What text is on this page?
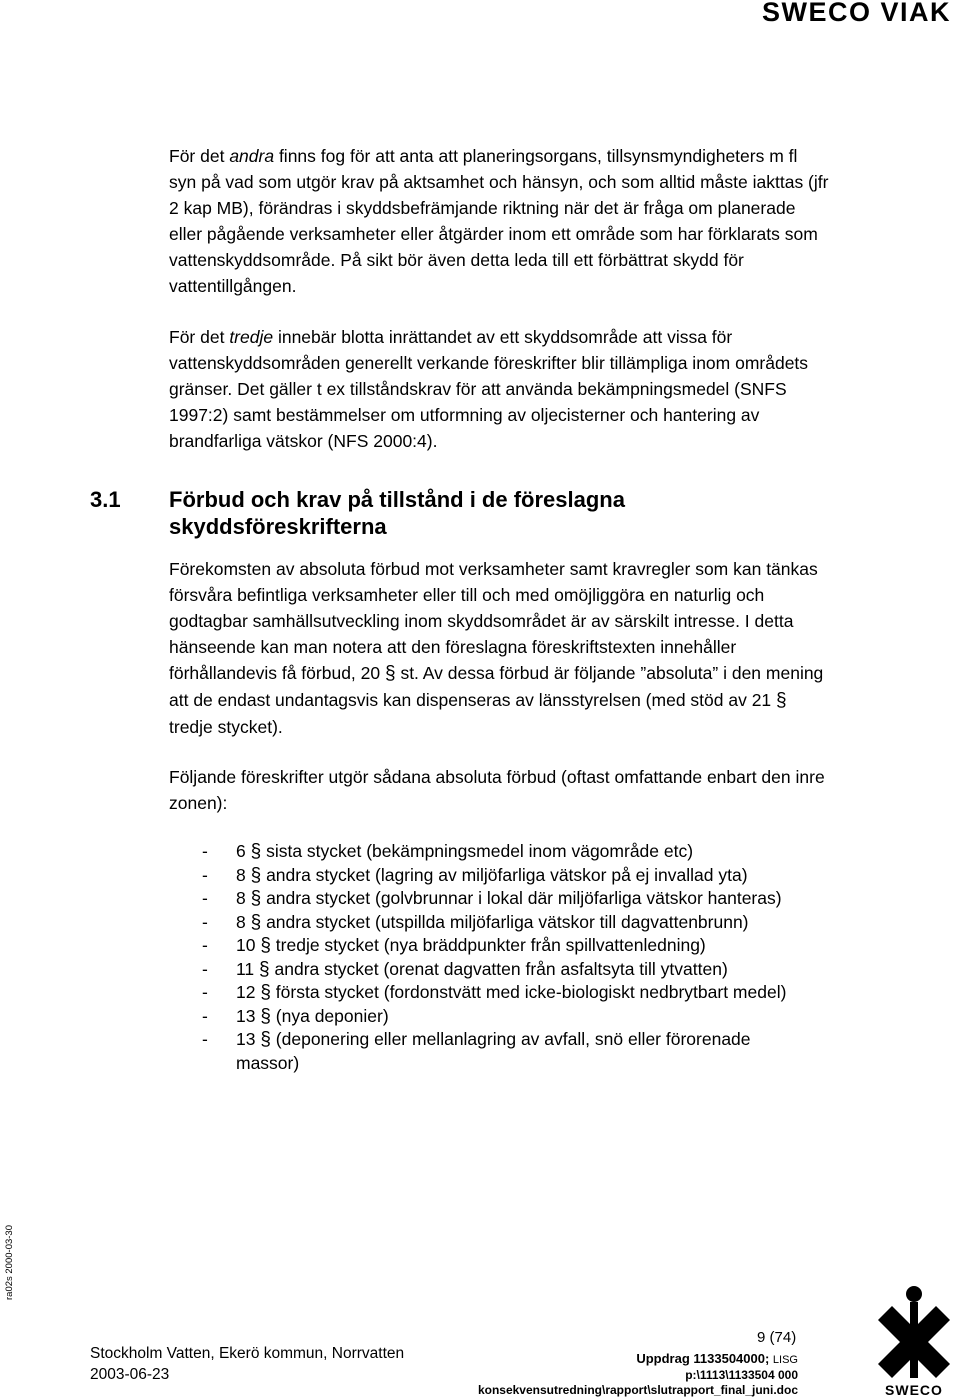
SWECO VIAK

För det andra finns fog för att anta att planeringsorgans, tillsynsmyndigheters m fl syn på vad som utgör krav på aktsamhet och hänsyn, och som alltid måste iakttas (jfr 2 kap MB), förändras i skyddsbefrämjande riktning när det är fråga om planerade eller pågående verksamheter eller åtgärder inom ett område som har förklarats som vattenskyddsområde. På sikt bör även detta leda till ett förbättrat skydd för vattentillgången.

För det tredje innebär blotta inrättandet av ett skyddsområde att vissa för vattenskyddsområden generellt verkande föreskrifter blir tillämpliga inom områdets gränser. Det gäller t ex tillståndskrav för att använda bekämpningsmedel (SNFS 1997:2) samt bestämmelser om utformning av oljecisterner och hantering av brandfarliga vätskor (NFS 2000:4).

3.1	Förbud och krav på tillstånd i de föreslagna skyddsföreskrifterna

Förekomsten av absoluta förbud mot verksamheter samt kravregler som kan tänkas försvåra befintliga verksamheter eller till och med omöjliggöra en naturlig och godtagbar samhällsutveckling inom skyddsområdet är av särskilt intresse. I detta hänseende kan man notera att den föreslagna föreskriftstexten innehåller förhållandevis få förbud, 20 § st. Av dessa förbud är följande ”absoluta” i den mening att de endast undantagsvis kan dispenseras av länsstyrelsen (med stöd av 21 § tredje stycket).

Följande föreskrifter utgör sådana absoluta förbud (oftast omfattande enbart den inre zonen):

-	6 § sista stycket (bekämpningsmedel inom vägområde etc)
-	8 § andra stycket (lagring av miljöfarliga vätskor på ej invallad yta)
-	8 § andra stycket (golvbrunnar i lokal där miljöfarliga vätskor hanteras)
-	8 § andra stycket (utspillda miljöfarliga vätskor till dagvattenbrunn)
-	10 § tredje stycket (nya bräddpunkter från spillvattenledning)
-	11 § andra stycket (orenat dagvatten från asfaltsyta till ytvatten)
-	12 § första stycket (fordonstvätt med icke-biologiskt nedbrytbart medel)
-	13 § (nya deponier)
-	13 § (deponering eller mellanlagring av avfall, snö eller förorenade massor)
ra02s 2000-03-30
Stockholm Vatten, Ekerö kommun, Norrvatten
2003-06-23
9 (74)
Uppdrag 1133504000; LISG
p:\1113\1133504 000
konsekvensutredning\rapport\slutrapport_final_juni.doc	SWECO
